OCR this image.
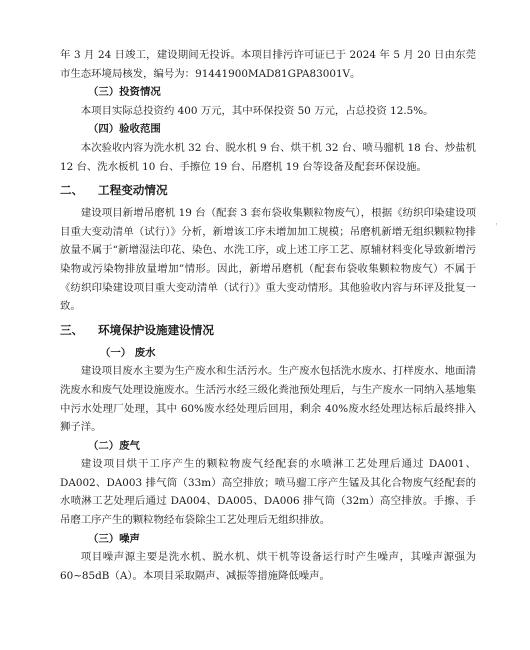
年 3 月 24 日竣工，建设期间无投诉。本项目排污许可证已于 2024 年 5 月 20 日由东莞市生态环境局核发，编号为：91441900MAD81GPA83001V。

（三）投资情况

本项目实际总投资约 400 万元，其中环保投资 50 万元，占总投资 12.5%。

（四）验收范围

本次验收内容为洗水机 32 台、脱水机 9 台、烘干机 32 台、喷马骝机 18 台、炒盐机 12 台、洗水板机 10 台、手擦位 19 台、吊磨机 19 台等设备及配套环保设施。

二、 工程变动情况

建设项目新增吊磨机 19 台（配套 3 套布袋收集颗粒物废气），根据《纺织印染建设项目重大变动清单（试行）》分析，新增该工序未增加加工规模；吊磨机新增无组织颗粒物排放量不属于“新增湿法印花、染色、水洗工序，或上述工序工艺、原辅材料变化导致新增污染物或污染物排放量增加”情形。因此，新增吊磨机（配套布袋收集颗粒物废气）不属于《纺织印染建设项目重大变动清单（试行）》重大变动情形。其他验收内容与环评及批复一致。

三、 环境保护设施建设情况
（一） 废水

建设项目废水主要为生产废水和生活污水。生产废水包括洗水废水、打样废水、地面清洗废水和废气处理设施废水。生活污水经三级化粪池预处理后，与生产废水一同纳入基地集中污水处理厂处理，其中 60%废水经处理后回用，剩余 40%废水经处理达标后最终排入狮子洋。

（二）废气

建设项目烘干工序产生的颗粒物废气经配套的水喷淋工艺处理后通过 DA001、DA002、DA003 排气筒（33m）高空排放；喷马骝工序产生锰及其化合物废气经配套的水喷淋工艺处理后通过 DA004、DA005、DA006 排气筒（32m）高空排放。手擦、手吊磨工序产生的颗粒物经布袋除尘工艺处理后无组织排放。

（三）噪声

项目噪声源主要是洗水机、脱水机、烘干机等设备运行时产生噪声，其噪声源强为 60~85dB（A）。本项目采取隔声、减振等措施降低噪声。

，
